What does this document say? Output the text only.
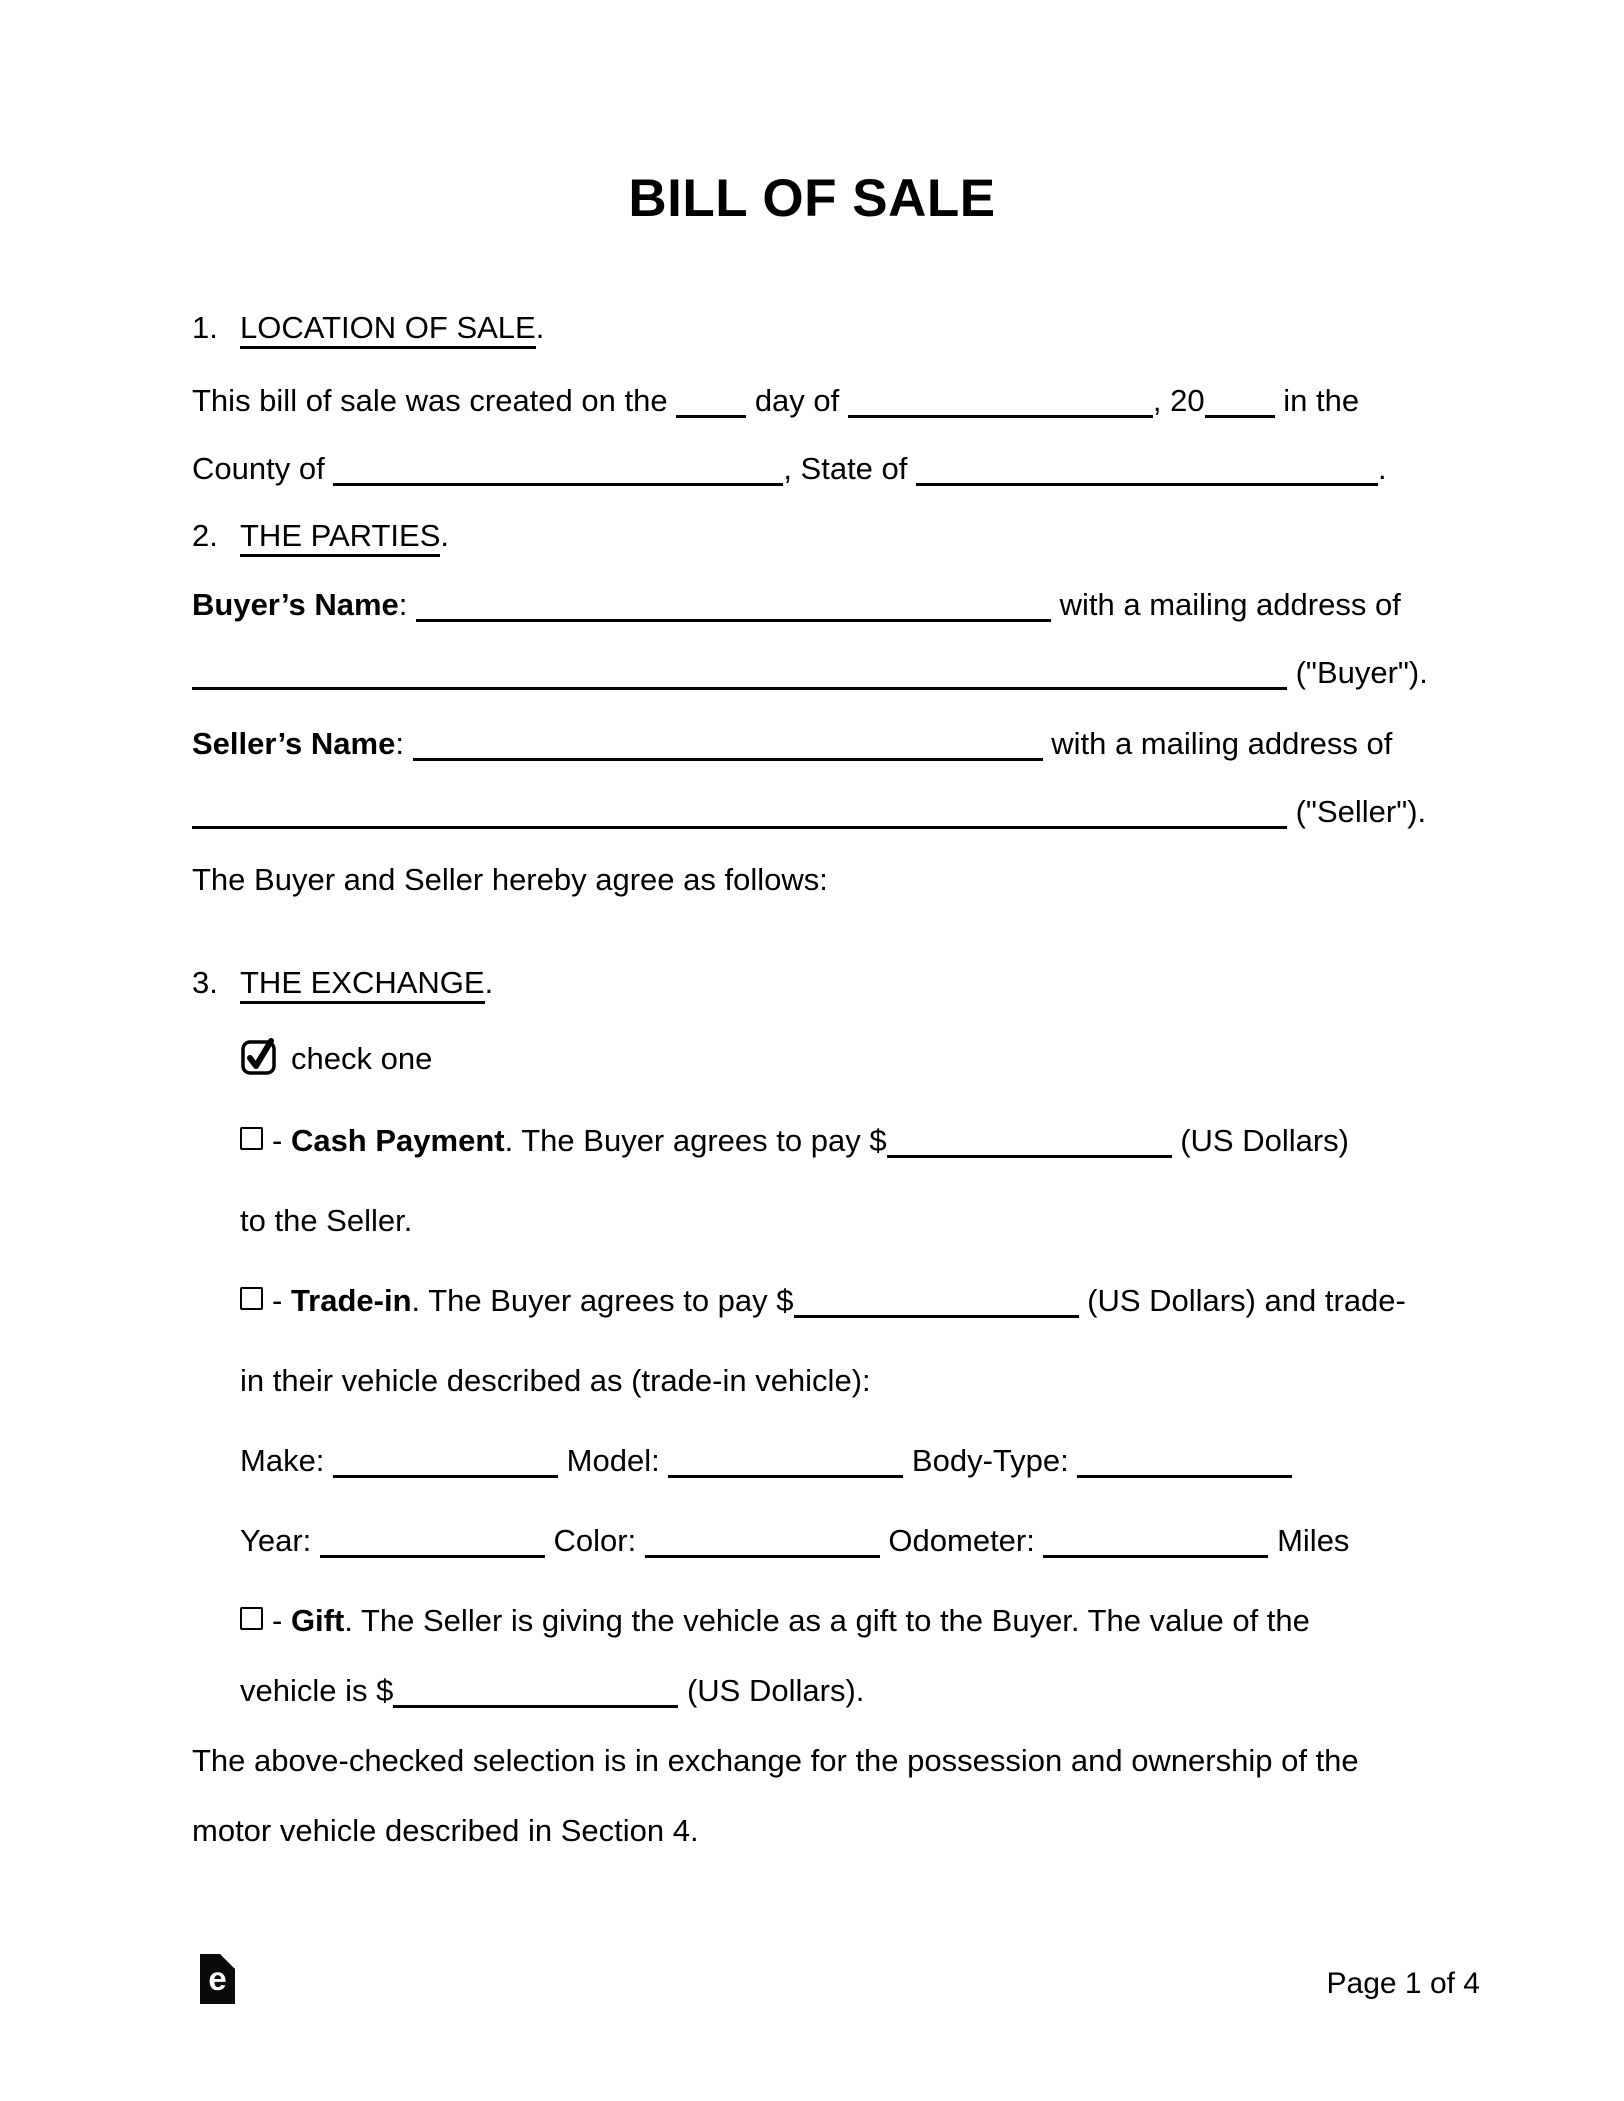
BILL OF SALE
1. LOCATION OF SALE.
This bill of sale was created on the  day of	, 20 in the
County of	, State of	.
2. THE PARTIES.
Buyer’s Name:	with a mailing address of
("Buyer").
Seller’s Name:	with a mailing address of
("Seller").
The Buyer and Seller hereby agree as follows:
3. THE EXCHANGE.
check one
- Cash Payment. The Buyer agrees to pay $	(US Dollars)
to the Seller.
- Trade-in. The Buyer agrees to pay $	(US Dollars) and trade-
in their vehicle described as (trade-in vehicle):
Make:	Model:	Body-Type:
Year:	Color:	Odometer:	Miles
- Gift. The Seller is giving the vehicle as a gift to the Buyer. The value of the
vehicle is $	(US Dollars).
The above-checked selection is in exchange for the possession and ownership of the
motor vehicle described in Section 4.
e	Page 1 of 4
